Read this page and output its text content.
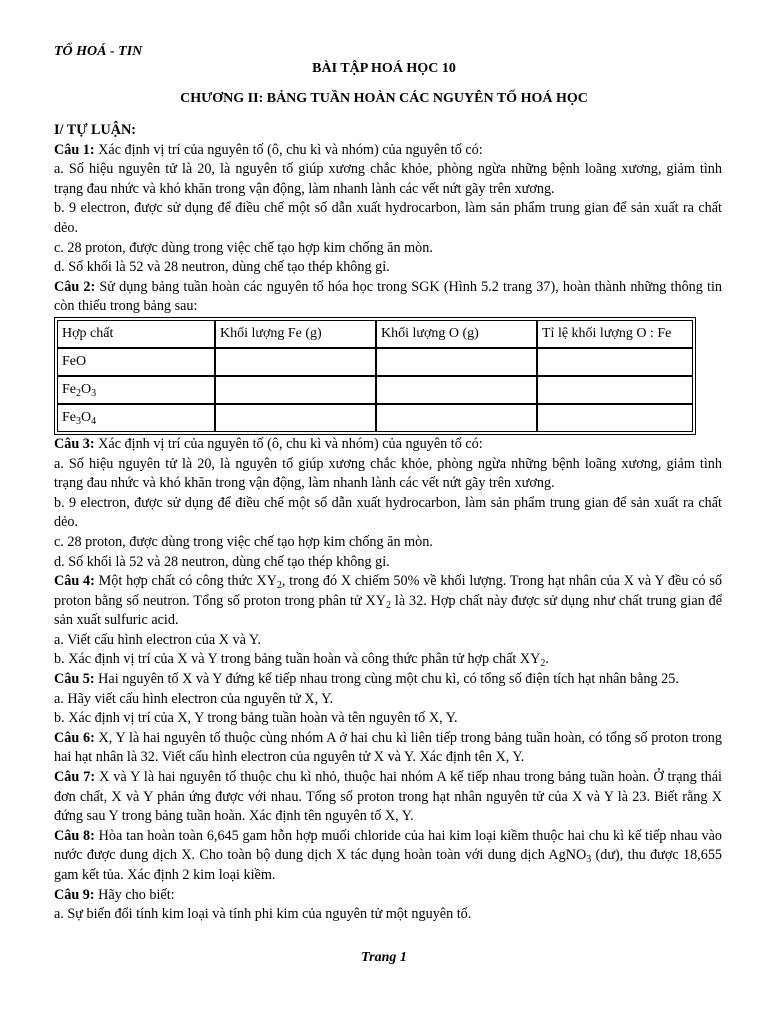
TỔ HOÁ - TIN
BÀI TẬP HOÁ HỌC 10
CHƯƠNG II: BẢNG TUẦN HOÀN CÁC NGUYÊN TỐ HOÁ HỌC

I/ TỰ LUẬN:

Câu 1: Xác định vị trí của nguyên tố (ô, chu kì và nhóm) của nguyên tố có:

a. Số hiệu nguyên tử là 20, là nguyên tố giúp xương chắc khỏe, phòng ngừa những bệnh loãng xương, giảm tình trạng đau nhức và khó khăn trong vận động, làm nhanh lành các vết nứt gãy trên xương.

b. 9 electron, được sử dụng để điều chế một số dẫn xuất hydrocarbon, làm sản phẩm trung gian để sản xuất ra chất dẻo.

c. 28 proton, được dùng trong việc chế tạo hợp kim chống ăn mòn.

d. Số khối là 52 và 28 neutron, dùng chế tạo thép không gỉ.

Câu 2: Sử dụng bảng tuần hoàn các nguyên tố hóa học trong SGK (Hình 5.2 trang 37), hoàn thành những thông tin còn thiếu trong bảng sau:

Hợp chất	Khối lượng Fe (g)	Khối lượng O (g)	Tỉ lệ khối lượng O : Fe
FeO			
$Fe_2O_3$			
$Fe_3O_4$			

Câu 3: Xác định vị trí của nguyên tố (ô, chu kì và nhóm) của nguyên tố có:

a. Số hiệu nguyên tử là 20, là nguyên tố giúp xương chắc khỏe, phòng ngừa những bệnh loãng xương, giảm tình trạng đau nhức và khó khăn trong vận động, làm nhanh lành các vết nứt gãy trên xương.

b. 9 electron, được sử dụng để điều chế một số dẫn xuất hydrocarbon, làm sản phẩm trung gian để sản xuất ra chất dẻo.

c. 28 proton, được dùng trong việc chế tạo hợp kim chống ăn mòn.

d. Số khối là 52 và 28 neutron, dùng chế tạo thép không gỉ.

Câu 4: Một hợp chất có công thức $XY_2$, trong đó X chiếm 50% về khối lượng. Trong hạt nhân của X và Y đều có số proton bằng số neutron. Tổng số proton trong phân tử $XY_2$ là 32. Hợp chất này được sử dụng như chất trung gian để sản xuất sulfuric acid.

a. Viết cấu hình electron của X và Y.

b. Xác định vị trí của X và Y trong bảng tuần hoàn và công thức phân tử hợp chất $XY_2$.

Câu 5: Hai nguyên tố X và Y đứng kế tiếp nhau trong cùng một chu kì, có tổng số điện tích hạt nhân bằng 25.

a. Hãy viết cấu hình electron của nguyên tử X, Y.

b. Xác định vị trí của X, Y trong bảng tuần hoàn và tên nguyên tố X, Y.

Câu 6: X, Y là hai nguyên tố thuộc cùng nhóm A ở hai chu kì liên tiếp trong bảng tuần hoàn, có tổng số proton trong hai hạt nhân là 32. Viết cấu hình electron của nguyên tử X và Y. Xác định tên X, Y.

Câu 7: X và Y là hai nguyên tố thuộc chu kì nhỏ, thuộc hai nhóm A kế tiếp nhau trong bảng tuần hoàn. Ở trạng thái đơn chất, X và Y phản ứng được với nhau. Tổng số proton trong hạt nhân nguyên tử của X và Y là 23. Biết rằng X đứng sau Y trong bảng tuần hoàn. Xác định tên nguyên tố X, Y.

Câu 8: Hòa tan hoàn toàn 6,645 gam hỗn hợp muối chloride của hai kim loại kiềm thuộc hai chu kì kế tiếp nhau vào nước được dung dịch X. Cho toàn bộ dung dịch X tác dụng hoàn toàn với dung dịch AgNO$_3$ (dư), thu được 18,655 gam kết tủa. Xác định 2 kim loại kiềm.

Câu 9: Hãy cho biết:

a. Sự biến đổi tính kim loại và tính phi kim của nguyên tử một nguyên tố.

Trang 1
